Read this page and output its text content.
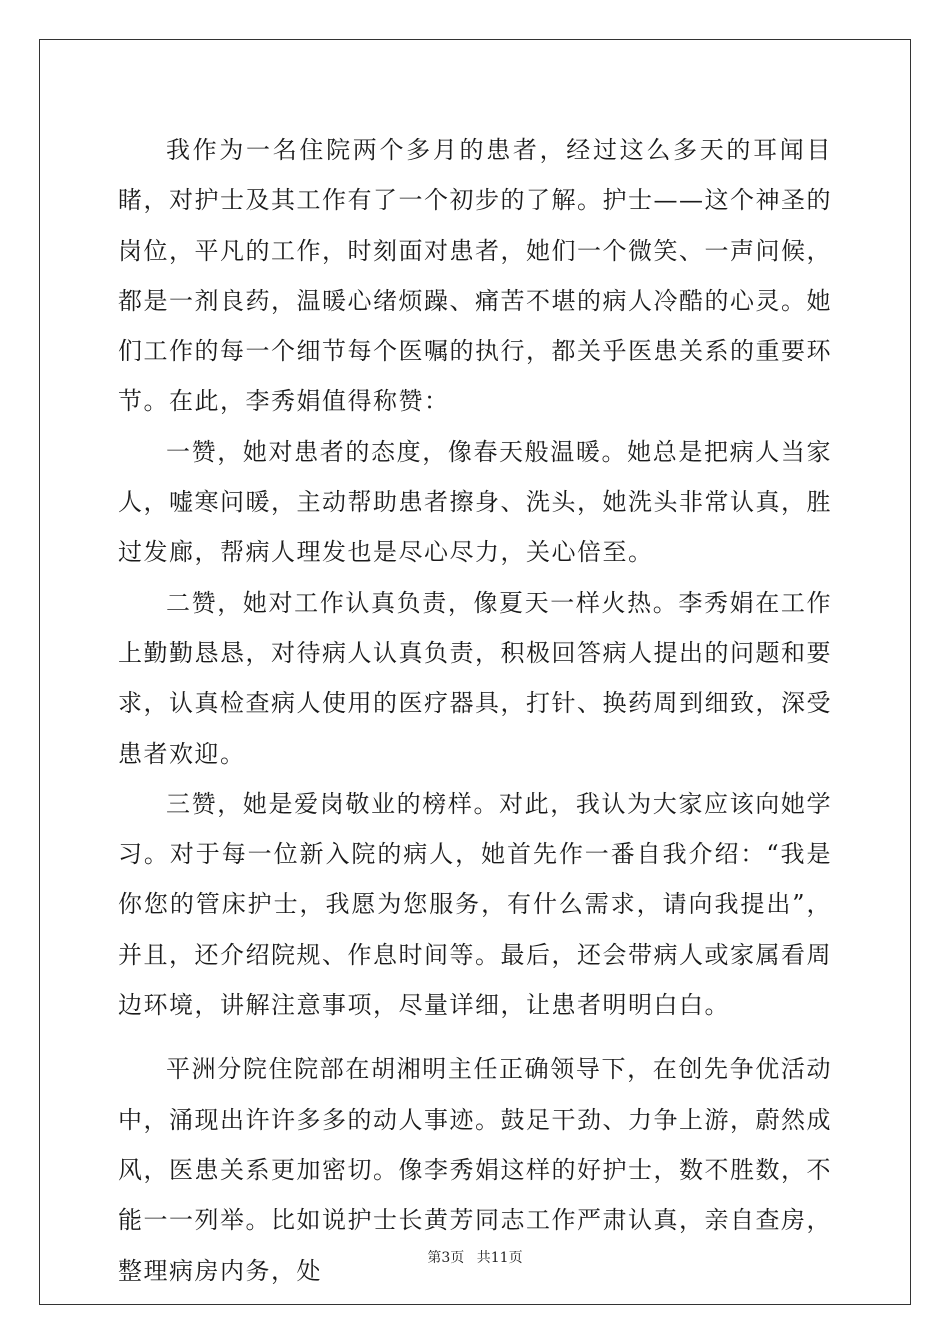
我作为一名住院两个多月的患者，经过这么多天的耳闻目睹，对护士及其工作有了一个初步的了解。护士——这个神圣的岗位，平凡的工作，时刻面对患者，她们一个微笑、一声问候，都是一剂良药，温暖心绪烦躁、痛苦不堪的病人冷酷的心灵。她们工作的每一个细节每个医嘱的执行，都关乎医患关系的重要环节。在此，李秀娟值得称赞：

一赞，她对患者的态度，像春天般温暖。她总是把病人当家人，嘘寒问暖，主动帮助患者擦身、洗头，她洗头非常认真，胜过发廊，帮病人理发也是尽心尽力，关心倍至。

二赞，她对工作认真负责，像夏天一样火热。李秀娟在工作上勤勤恳恳，对待病人认真负责，积极回答病人提出的问题和要求，认真检查病人使用的医疗器具，打针、换药周到细致，深受患者欢迎。

三赞，她是爱岗敬业的榜样。对此，我认为大家应该向她学习。对于每一位新入院的病人，她首先作一番自我介绍：“我是你您的管床护士，我愿为您服务，有什么需求，请向我提出”，并且，还介绍院规、作息时间等。最后，还会带病人或家属看周边环境，讲解注意事项，尽量详细，让患者明明白白。

平洲分院住院部在胡湘明主任正确领导下，在创先争优活动中，涌现出许许多多的动人事迹。鼓足干劲、力争上游，蔚然成风，医患关系更加密切。像李秀娟这样的好护士，数不胜数，不能一一列举。比如说护士长黄芳同志工作严肃认真，亲自查房，整理病房内务，处	第3页 共11页
